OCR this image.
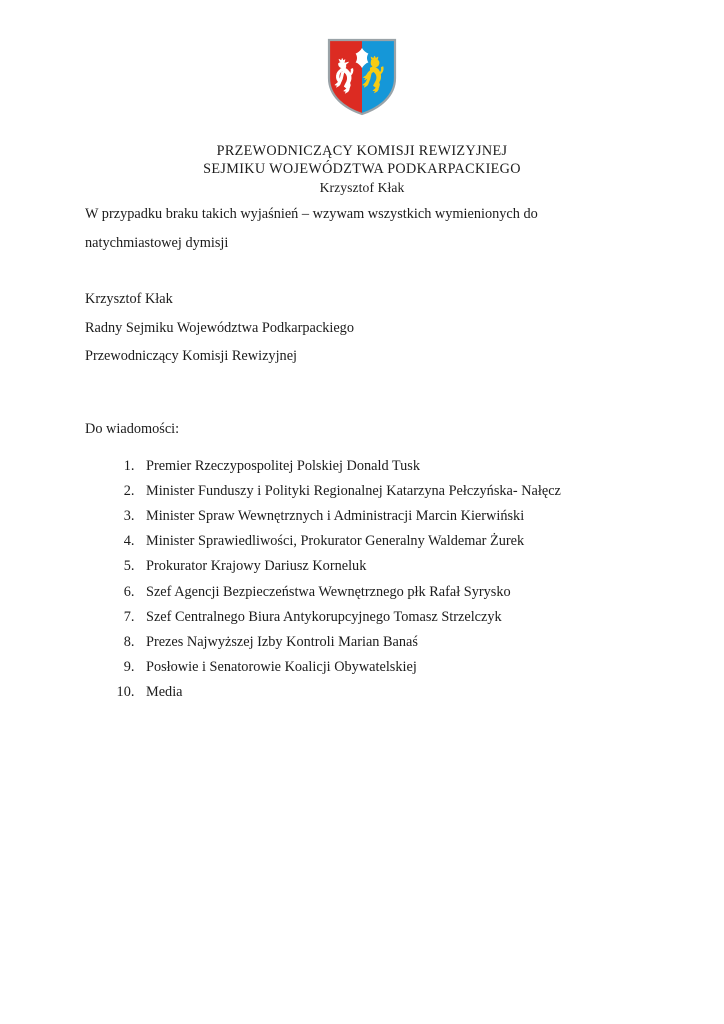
PRZEWODNICZĄCY KOMISJI REWIZYJNEJ
SEJMIKU WOJEWÓDZTWA PODKARPACKIEGO
Krzysztof Kłak

W przypadku braku takich wyjaśnień – wzywam wszystkich wymienionych do
natychmiastowej dymisji

Krzysztof Kłak
Radny Sejmiku Województwa Podkarpackiego
Przewodniczący Komisji Rewizyjnej
Do wiadomości:
1. Premier Rzeczypospolitej Polskiej Donald Tusk
2. Minister Funduszy i Polityki Regionalnej Katarzyna Pełczyńska- Nałęcz
3. Minister Spraw Wewnętrznych i Administracji Marcin Kierwiński
4. Minister Sprawiedliwości, Prokurator Generalny Waldemar Żurek
5. Prokurator Krajowy Dariusz Korneluk
6. Szef Agencji Bezpieczeństwa Wewnętrznego płk Rafał Syrysko
7. Szef Centralnego Biura Antykorupcyjnego Tomasz Strzelczyk
8. Prezes Najwyższej Izby Kontroli Marian Banaś
9. Posłowie i Senatorowie Koalicji Obywatelskiej
10. Media
